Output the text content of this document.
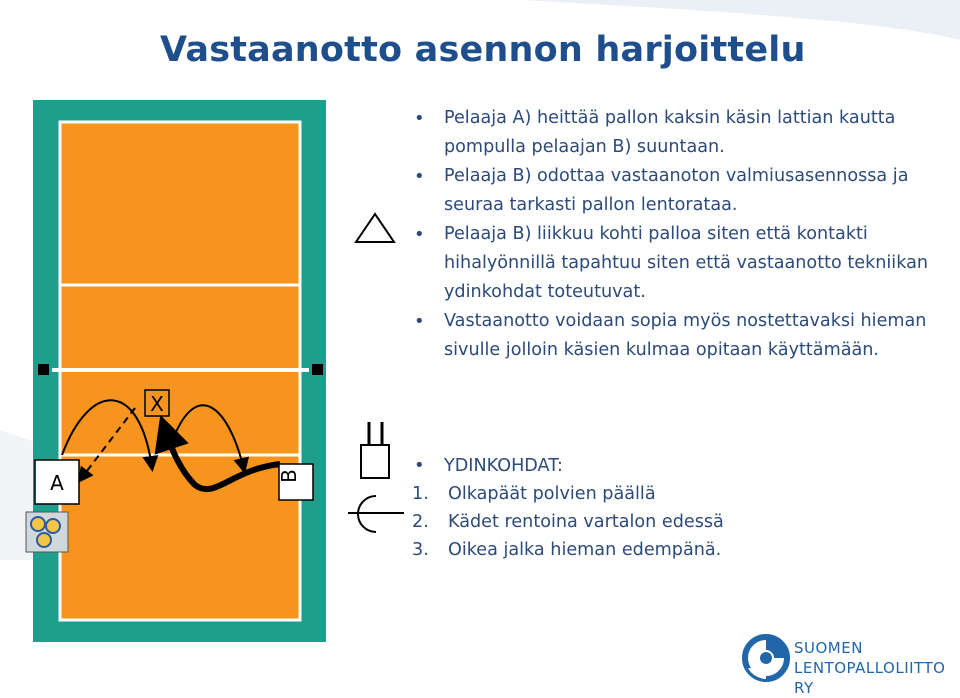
Vastaanotto asennon harjoittelu
X
A	B
• Pelaaja A) heittää pallon kaksin käsin lattian kautta pompulla pelaajan B) suuntaan.
• Pelaaja B) odottaa vastaanoton valmiusasennossa ja seuraa tarkasti pallon lentorataa.
• Pelaaja B) liikkuu kohti palloa siten että kontakti hihalyönnillä tapahtuu siten että vastaanotto tekniikan ydinkohdat toteutuvat.
• Vastaanotto voidaan sopia myös nostettavaksi hieman sivulle jolloin käsien kulmaa opitaan käyttämään.
• YDINKOHDAT:
1.	Olkapäät polvien päällä
2.	Kädet rentoina vartalon edessä
3.	Oikea jalka hieman edempänä.
SUOMEN
LENTOPALLOLIITTO RY
